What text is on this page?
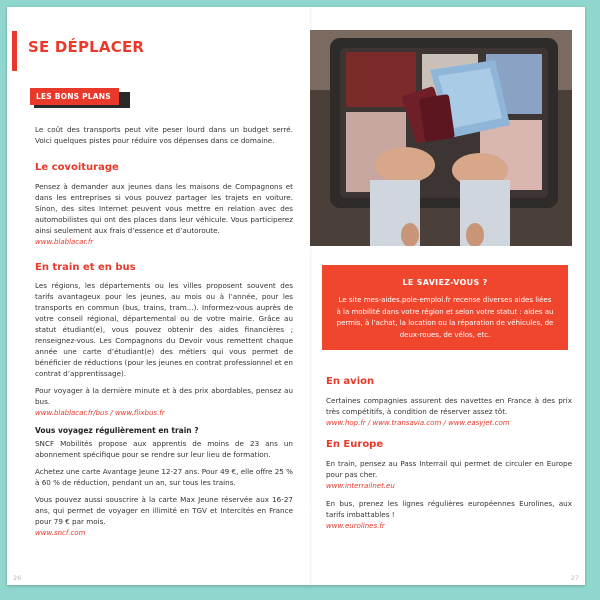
SE DÉPLACER
LES BONS PLANS

Le coût des transports peut vite peser lourd dans un budget serré. Voici quelques pistes pour réduire vos dépenses dans ce domaine.

Le covoiturage

Pensez à demander aux jeunes dans les maisons de Compagnons et dans les entreprises si vous pouvez partager les trajets en voiture. Sinon, des sites Internet peuvent vous mettre en relation avec des automobilistes qui ont des places dans leur véhicule. Vous participerez ainsi seulement aux frais d’essence et d’autoroute.

www.blablacar.fr
En train et en bus

Les régions, les départements ou les villes proposent souvent des tarifs avantageux pour les jeunes, au mois ou à l’année, pour les transports en commun (bus, trains, tram...). Informez-vous auprès de votre conseil régional, départemental ou de votre mairie. Grâce au statut étudiant(e), vous pouvez obtenir des aides financières ; renseignez-vous. Les Compagnons du Devoir vous remettent chaque année une carte d’étudiant(e) des métiers qui vous permet de bénéficier de réductions (pour les jeunes en contrat professionnel et en contrat d’apprentissage).

Pour voyager à la dernière minute et à des prix abordables, pensez au bus.

www.blablacar.fr/bus / www.flixbus.fr
Vous voyagez régulièrement en train ?

SNCF Mobilités propose aux apprentis de moins de 23 ans un abonnement spécifique pour se rendre sur leur lieu de formation.

Achetez une carte Avantage Jeune 12-27 ans. Pour 49 €, elle offre 25 % à 60 % de réduction, pendant un an, sur tous les trains.

Vous pouvez aussi souscrire à la carte Max Jeune réservée aux 16-27 ans, qui permet de voyager en illimité en TGV et Intercités en France pour 79 € par mois.

www.sncf.com
LE SAVIEZ-VOUS ?

Le site mes-aides.pole-emploi.fr recense diverses aides liées à la mobilité dans votre région et selon votre statut : aides au permis, à l’achat, la location ou la réparation de véhicules, de deux-roues, de vélos, etc.

En avion

Certaines compagnies assurent des navettes en France à des prix très compétitifs, à condition de réserver assez tôt.

www.hop.fr / www.transavia.com / www.easyjet.com
En Europe

En train, pensez au Pass Interrail qui permet de circuler en Europe pour pas cher.

www.interrailnet.eu

En bus, prenez les lignes régulières européennes Eurolines, aux tarifs imbattables !

www.eurolines.fr
26	27
